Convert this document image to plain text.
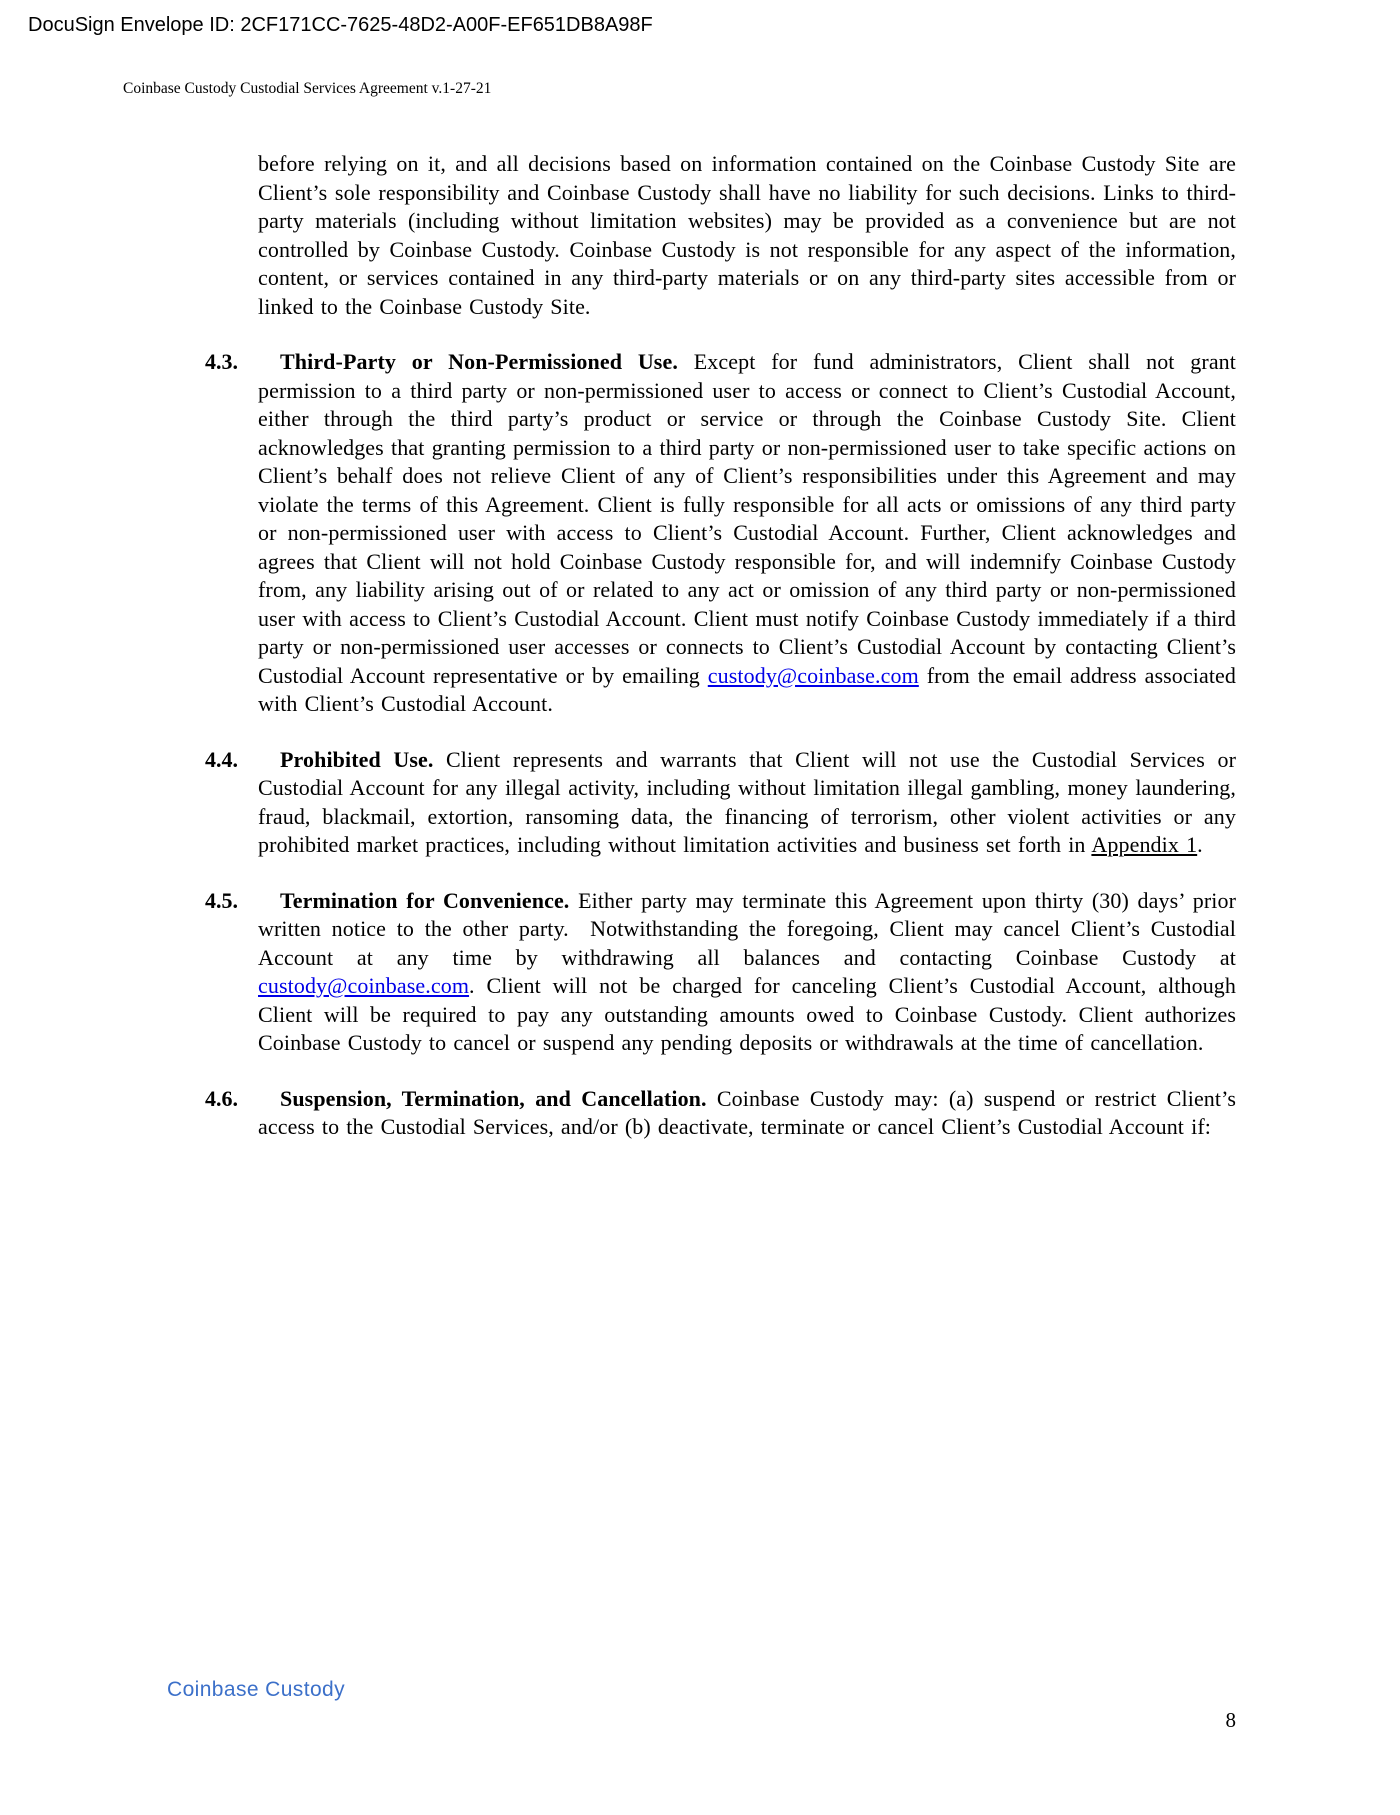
DocuSign Envelope ID: 2CF171CC-7625-48D2-A00F-EF651DB8A98F
Coinbase Custody Custodial Services Agreement v.1-27-21

before relying on it, and all decisions based on information contained on the Coinbase Custody Site are Client’s sole responsibility and Coinbase Custody shall have no liability for such decisions. Links to third-party materials (including without limitation websites) may be provided as a convenience but are not controlled by Coinbase Custody. Coinbase Custody is not responsible for any aspect of the information, content, or services contained in any third-party materials or on any third-party sites accessible from or linked to the Coinbase Custody Site.

4.3.	Third-Party or Non-Permissioned Use. Except for fund administrators, Client shall not grant permission to a third party or non-permissioned user to access or connect to Client’s Custodial Account, either through the third party’s product or service or through the Coinbase Custody Site. Client acknowledges that granting permission to a third party or non-permissioned user to take specific actions on Client’s behalf does not relieve Client of any of Client’s responsibilities under this Agreement and may violate the terms of this Agreement. Client is fully responsible for all acts or omissions of any third party or non-permissioned user with access to Client’s Custodial Account. Further, Client acknowledges and agrees that Client will not hold Coinbase Custody responsible for, and will indemnify Coinbase Custody from, any liability arising out of or related to any act or omission of any third party or non-permissioned user with access to Client’s Custodial Account. Client must notify Coinbase Custody immediately if a third party or non-permissioned user accesses or connects to Client’s Custodial Account by contacting Client’s Custodial Account representative or by emailing custody@coinbase.com from the email address associated with Client’s Custodial Account.

4.4.	Prohibited Use. Client represents and warrants that Client will not use the Custodial Services or Custodial Account for any illegal activity, including without limitation illegal gambling, money laundering, fraud, blackmail, extortion, ransoming data, the financing of terrorism, other violent activities or any prohibited market practices, including without limitation activities and business set forth in Appendix 1.

4.5.	Termination for Convenience. Either party may terminate this Agreement upon thirty (30) days’ prior written notice to the other party.  Notwithstanding the foregoing, Client may cancel Client’s Custodial Account at any time by withdrawing all balances and contacting Coinbase Custody at custody@coinbase.com. Client will not be charged for canceling Client’s Custodial Account, although Client will be required to pay any outstanding amounts owed to Coinbase Custody. Client authorizes Coinbase Custody to cancel or suspend any pending deposits or withdrawals at the time of cancellation.

4.6.	Suspension, Termination, and Cancellation. Coinbase Custody may: (a) suspend or restrict Client’s access to the Custodial Services, and/or (b) deactivate, terminate or cancel Client’s Custodial Account if:

Coinbase Custody
8
